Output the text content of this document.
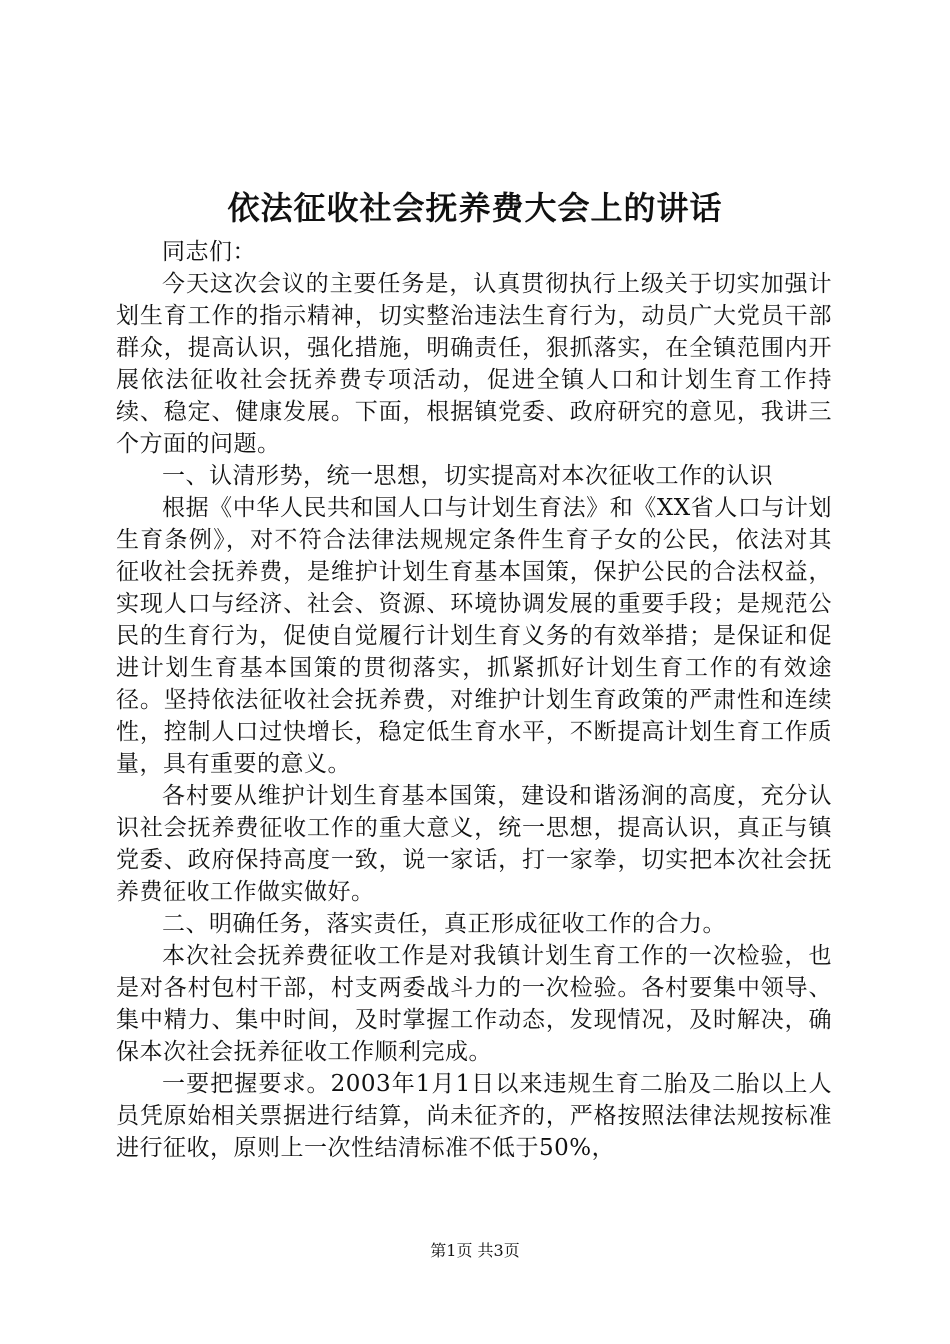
依法征收社会抚养费大会上的讲话

同志们：

今天这次会议的主要任务是，认真贯彻执行上级关于切实加强计划生育工作的指示精神，切实整治违法生育行为，动员广大党员干部群众，提高认识，强化措施，明确责任，狠抓落实，在全镇范围内开展依法征收社会抚养费专项活动，促进全镇人口和计划生育工作持续、稳定、健康发展。下面，根据镇党委、政府研究的意见，我讲三个方面的问题。

一、认清形势，统一思想，切实提高对本次征收工作的认识

根据《中华人民共和国人口与计划生育法》和《XX省人口与计划生育条例》，对不符合法律法规规定条件生育子女的公民，依法对其征收社会抚养费，是维护计划生育基本国策，保护公民的合法权益，实现人口与经济、社会、资源、环境协调发展的重要手段；是规范公民的生育行为，促使自觉履行计划生育义务的有效举措；是保证和促进计划生育基本国策的贯彻落实，抓紧抓好计划生育工作的有效途径。坚持依法征收社会抚养费，对维护计划生育政策的严肃性和连续性，控制人口过快增长，稳定低生育水平，不断提高计划生育工作质量，具有重要的意义。

各村要从维护计划生育基本国策，建设和谐汤涧的高度，充分认识社会抚养费征收工作的重大意义，统一思想，提高认识，真正与镇党委、政府保持高度一致，说一家话，打一家拳，切实把本次社会抚养费征收工作做实做好。

二、明确任务，落实责任，真正形成征收工作的合力。

本次社会抚养费征收工作是对我镇计划生育工作的一次检验，也是对各村包村干部，村支两委战斗力的一次检验。各村要集中领导、集中精力、集中时间，及时掌握工作动态，发现情况，及时解决，确保本次社会抚养征收工作顺利完成。

一要把握要求。2003年1月1日以来违规生育二胎及二胎以上人员凭原始相关票据进行结算，尚未征齐的，严格按照法律法规按标准进行征收，原则上一次性结清标准不低于50%，

第1页 共3页
